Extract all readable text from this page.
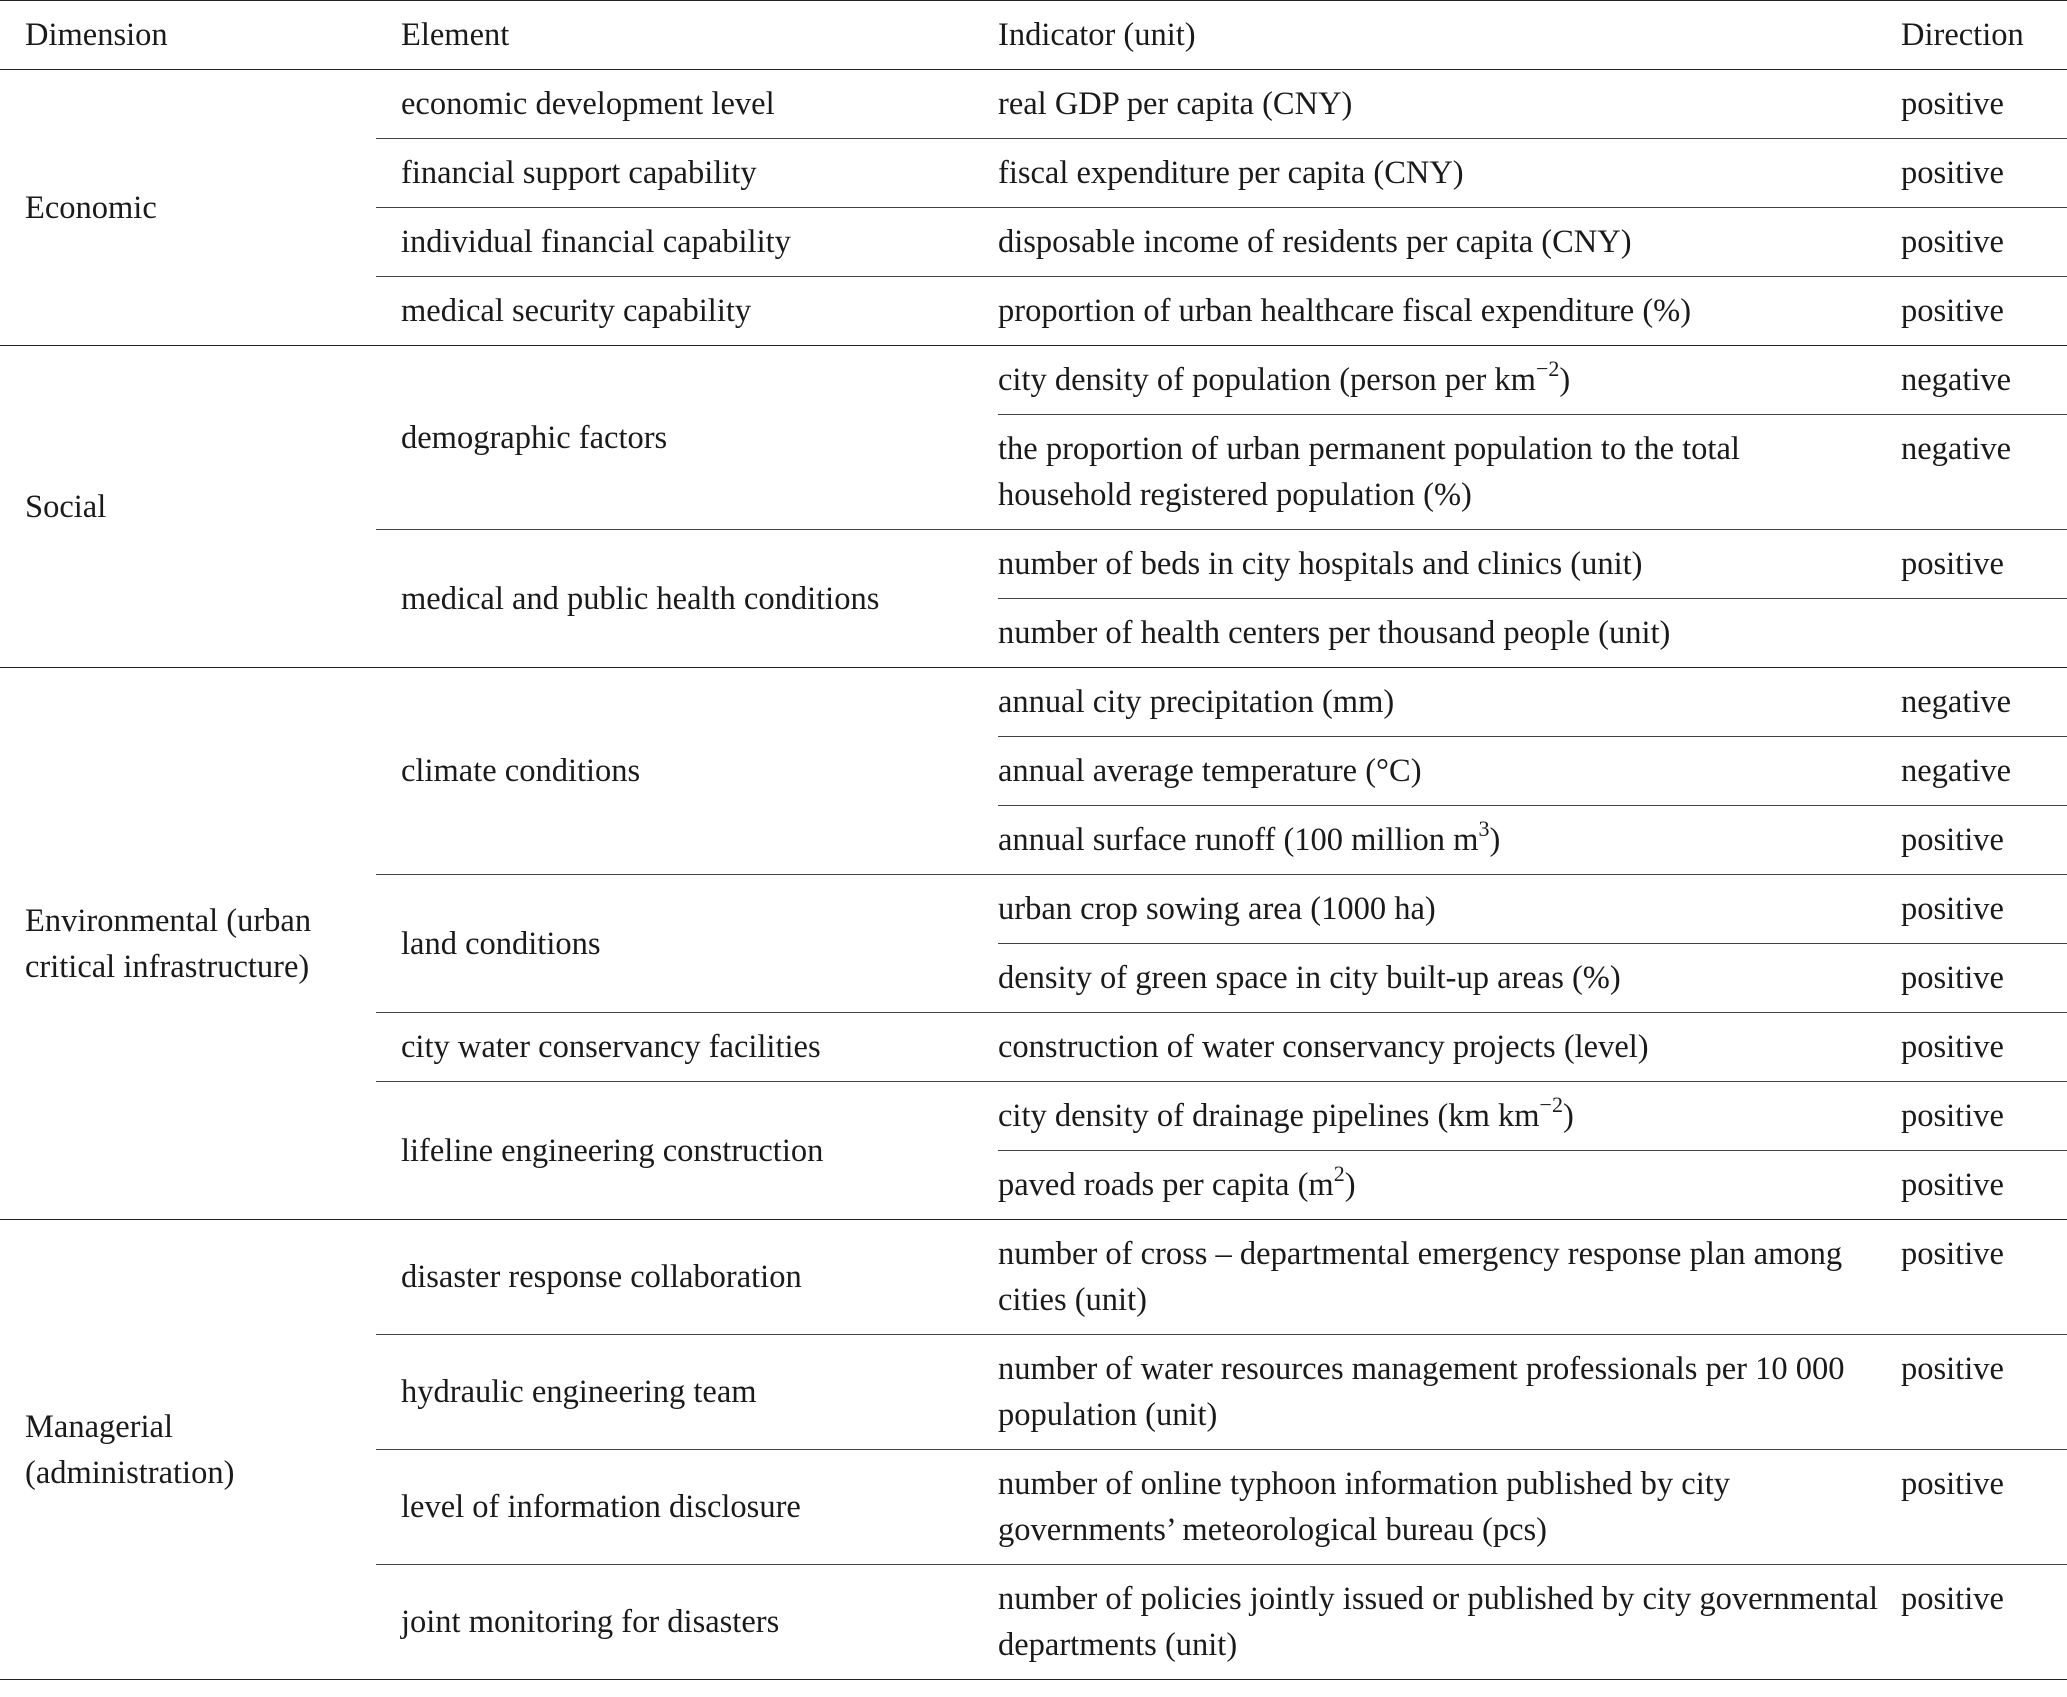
Dimension	Element	Indicator (unit)	Direction
Economic	economic development level	real GDP per capita (CNY)	positive
	financial support capability	fiscal expenditure per capita (CNY)	positive
	individual financial capability	disposable income of residents per capita (CNY)	positive
	medical security capability	proportion of urban healthcare fiscal expenditure (%)	positive
Social	demographic factors	city density of population (person per $km^{-2}$)	negative
		the proportion of urban permanent population to the total household registered population (%)	negative
	medical and public health conditions	number of beds in city hospitals and clinics (unit)	positive
		number of health centers per thousand people (unit)	
Environmental (urban critical infrastructure)	climate conditions	annual city precipitation (mm)	negative
		annual average temperature (°C)	negative
		annual surface runoff (100 million $m^3$)	positive
	land conditions	urban crop sowing area (1000 ha)	positive
		density of green space in city built-up areas (%)	positive
	city water conservancy facilities	construction of water conservancy projects (level)	positive
	lifeline engineering construction	city density of drainage pipelines (km $km^{-2}$)	positive
		paved roads per capita $(m^2)$	positive
Managerial (administration)	disaster response collaboration	number of cross – departmental emergency response plan among cities (unit)	positive
	hydraulic engineering team	number of water resources management professionals per 10 000 population (unit)	positive
	level of information disclosure	number of online typhoon information published by city governments’ meteorological bureau (pcs)	positive
	joint monitoring for disasters	number of policies jointly issued or published by city governmental departments (unit)	positive
